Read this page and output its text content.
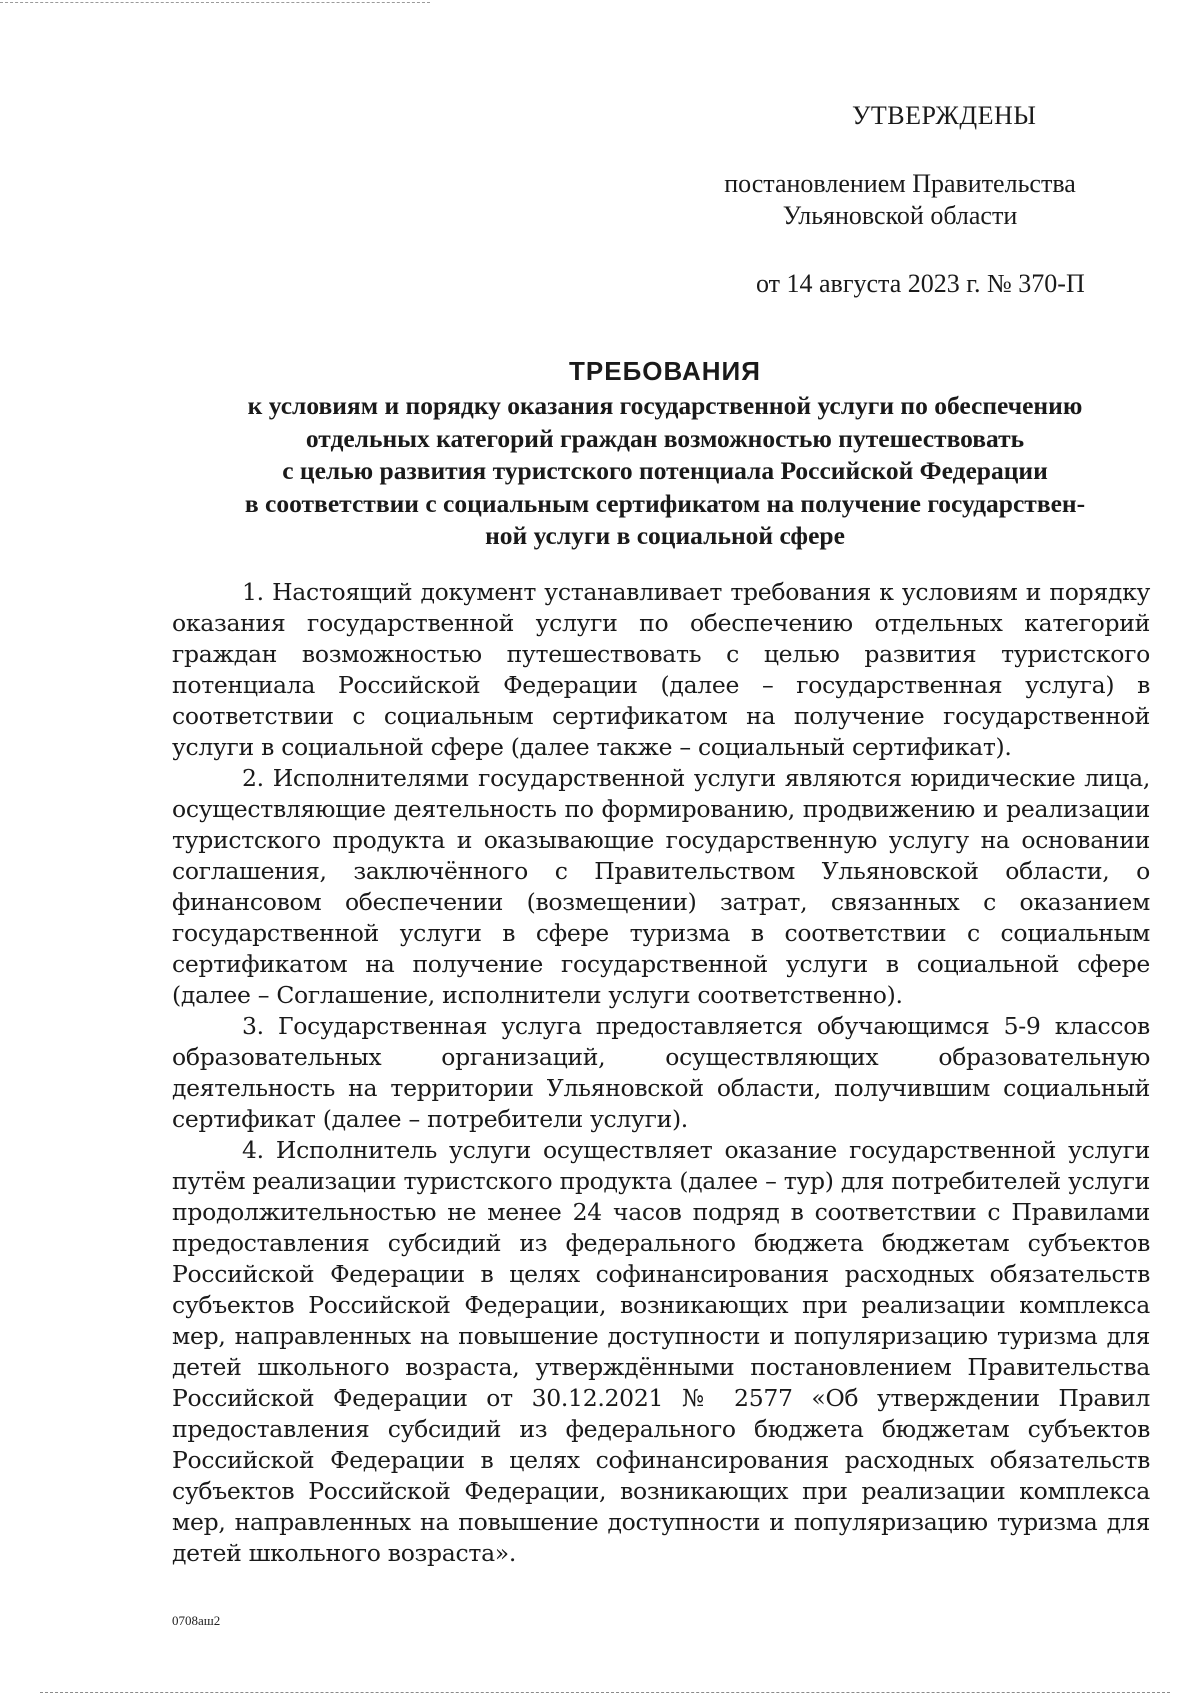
УТВЕРЖДЕНЫ
постановлением Правительства
Ульяновской области
от 14 августа 2023 г. № 370-П
ТРЕБОВАНИЯ
к условиям и порядку оказания государственной услуги по обеспечению
отдельных категорий граждан возможностью путешествовать
с целью развития туристского потенциала Российской Федерации
в соответствии с социальным сертификатом на получение государствен-
ной услуги в социальной сфере

1. Настоящий документ устанавливает требования к условиям и порядку оказания государственной услуги по обеспечению отдельных категорий граждан возможностью путешествовать с целью развития туристского потенциала Российской Федерации (далее – государственная услуга) в соответствии с социальным сертификатом на получение государственной услуги в социальной сфере (далее также – социальный сертификат).

2. Исполнителями государственной услуги являются юридические лица, осуществляющие деятельность по формированию, продвижению и реализации туристского продукта и оказывающие государственную услугу на основании соглашения, заключённого с Правительством Ульяновской области, о финансовом обеспечении (возмещении) затрат, связанных с оказанием государственной услуги в сфере туризма в соответствии с социальным сертификатом на получение государственной услуги в социальной сфере (далее – Соглашение, исполнители услуги соответственно).

3. Государственная услуга предоставляется обучающимся 5-9 классов образовательных организаций, осуществляющих образовательную деятельность на территории Ульяновской области, получившим социальный сертификат (далее – потребители услуги).

4. Исполнитель услуги осуществляет оказание государственной услуги путём реализации туристского продукта (далее – тур) для потребителей услуги продолжительностью не менее 24 часов подряд в соответствии с Правилами предоставления субсидий из федерального бюджета бюджетам субъектов Российской Федерации в целях софинансирования расходных обязательств субъектов Российской Федерации, возникающих при реализации комплекса мер, направленных на повышение доступности и популяризацию туризма для детей школьного возраста, утверждёнными постановлением Правительства Российской Федерации от 30.12.2021 № 2577 «Об утверждении Правил предоставления субсидий из федерального бюджета бюджетам субъектов Российской Федерации в целях софинансирования расходных обязательств субъектов Российской Федерации, возникающих при реализации комплекса мер, направленных на повышение доступности и популяризацию туризма для детей школьного возраста».

0708аш2
